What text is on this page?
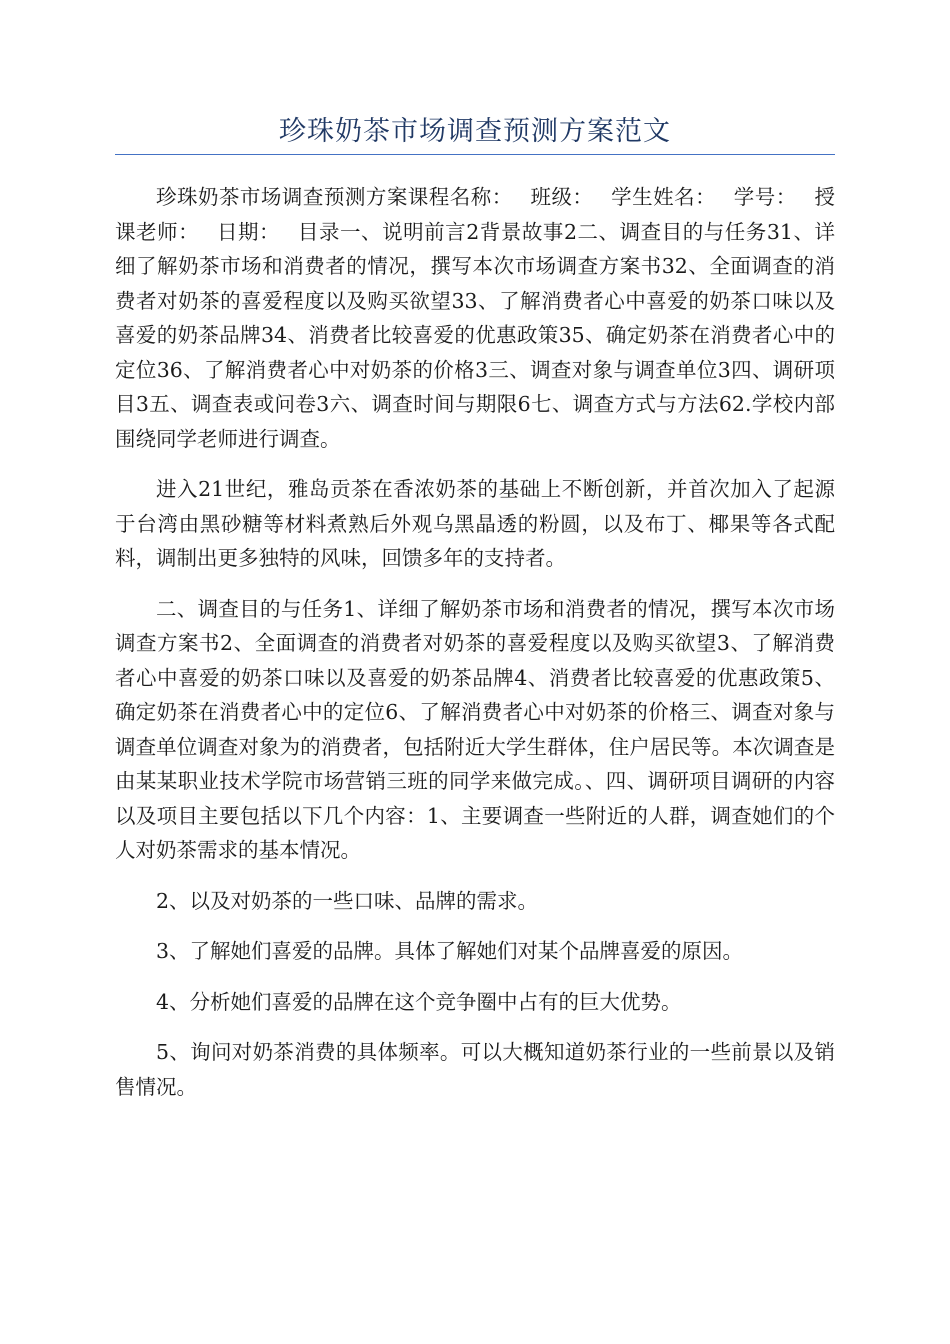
珍珠奶茶市场调查预测方案范文

珍珠奶茶市场调查预测方案课程名称：　 班级：　 学生姓名：　 学号：　 授课老师：　 日期：　 目录一、说明前言2背景故事2二、调查目的与任务31、详细了解奶茶市场和消费者的情况，撰写本次市场调查方案书32、全面调查的消费者对奶茶的喜爱程度以及购买欲望33、了解消费者心中喜爱的奶茶口味以及喜爱的奶茶品牌34、消费者比较喜爱的优惠政策35、确定奶茶在消费者心中的定位36、了解消费者心中对奶茶的价格3三、调查对象与调查单位3四、调研项目3五、调查表或问卷3六、调查时间与期限6七、调查方式与方法62.学校内部围绕同学老师进行调查。

进入21世纪，雅岛贡茶在香浓奶茶的基础上不断创新，并首次加入了起源于台湾由黑砂糖等材料煮熟后外观乌黑晶透的粉圆，以及布丁、椰果等各式配料，调制出更多独特的风味，回馈多年的支持者。

二、调查目的与任务1、详细了解奶茶市场和消费者的情况，撰写本次市场调查方案书2、全面调查的消费者对奶茶的喜爱程度以及购买欲望3、了解消费者心中喜爱的奶茶口味以及喜爱的奶茶品牌4、消费者比较喜爱的优惠政策5、确定奶茶在消费者心中的定位6、了解消费者心中对奶茶的价格三、调查对象与调查单位调查对象为的消费者，包括附近大学生群体，住户居民等。本次调查是由某某职业技术学院市场营销三班的同学来做完成。、四、调研项目调研的内容以及项目主要包括以下几个内容：1、主要调查一些附近的人群，调查她们的个人对奶茶需求的基本情况。

2、以及对奶茶的一些口味、品牌的需求。

3、了解她们喜爱的品牌。具体了解她们对某个品牌喜爱的原因。

4、分析她们喜爱的品牌在这个竞争圈中占有的巨大优势。

5、询问对奶茶消费的具体频率。可以大概知道奶茶行业的一些前景以及销售情况。
